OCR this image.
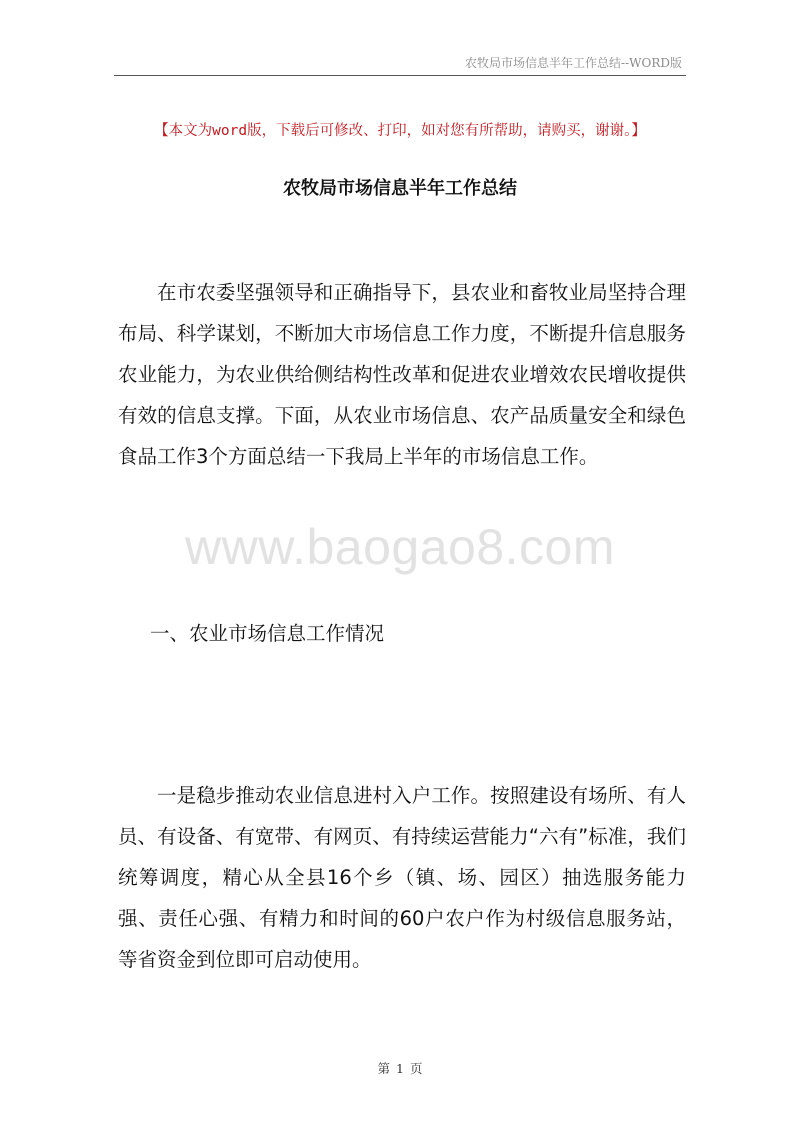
农牧局市场信息半年工作总结--WORD版
【本文为word版，下载后可修改、打印，如对您有所帮助，请购买，谢谢。】
农牧局市场信息半年工作总结

在市农委坚强领导和正确指导下，县农业和畜牧业局坚持合理布局、科学谋划，不断加大市场信息工作力度，不断提升信息服务农业能力，为农业供给侧结构性改革和促进农业增效农民增收提供有效的信息支撑。下面，从农业市场信息、农产品质量安全和绿色食品工作3个方面总结一下我局上半年的市场信息工作。

www.baogao8.com
一、农业市场信息工作情况

一是稳步推动农业信息进村入户工作。按照建设有场所、有人员、有设备、有宽带、有网页、有持续运营能力“六有”标准，我们统筹调度，精心从全县16个乡（镇、场、园区）抽选服务能力强、责任心强、有精力和时间的60户农户作为村级信息服务站，等省资金到位即可启动使用。

第 1 页
